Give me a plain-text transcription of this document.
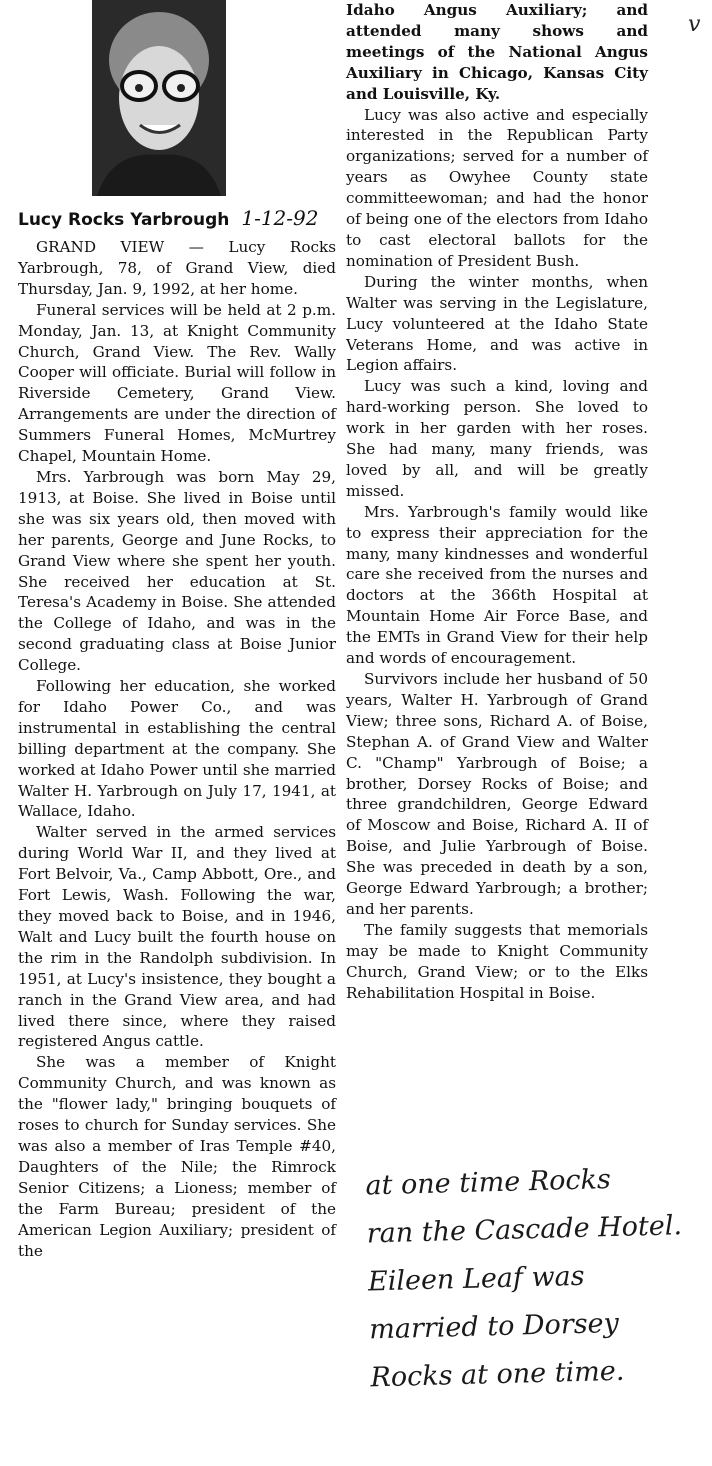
Lucy Rocks Yarbrough 1-12-92

GRAND VIEW — Lucy Rocks Yarbrough, 78, of Grand View, died Thursday, Jan. 9, 1992, at her home.

Funeral services will be held at 2 p.m. Monday, Jan. 13, at Knight Community Church, Grand View. The Rev. Wally Cooper will officiate. Burial will follow in Riverside Cemetery, Grand View. Arrangements are under the direction of Summers Funeral Homes, McMurtrey Chapel, Mountain Home.

Mrs. Yarbrough was born May 29, 1913, at Boise. She lived in Boise until she was six years old, then moved with her parents, George and June Rocks, to Grand View where she spent her youth. She received her education at St. Teresa's Academy in Boise. She attended the College of Idaho, and was in the second graduating class at Boise Junior College.

Following her education, she worked for Idaho Power Co., and was instrumental in establishing the central billing department at the company. She worked at Idaho Power until she married Walter H. Yarbrough on July 17, 1941, at Wallace, Idaho.

Walter served in the armed services during World War II, and they lived at Fort Belvoir, Va., Camp Abbott, Ore., and Fort Lewis, Wash. Following the war, they moved back to Boise, and in 1946, Walt and Lucy built the fourth house on the rim in the Randolph subdivision. In 1951, at Lucy's insistence, they bought a ranch in the Grand View area, and had lived there since, where they raised registered Angus cattle.

She was a member of Knight Community Church, and was known as the "flower lady," bringing bouquets of roses to church for Sunday services. She was also a member of Iras Temple #40, Daughters of the Nile; the Rimrock Senior Citizens; a Lioness; member of the Farm Bureau; president of the American Legion Auxiliary; president of the

Idaho Angus Auxiliary; and attended many shows and meetings of the National Angus Auxiliary in Chicago, Kansas City and Louisville, Ky.

Lucy was also active and especially interested in the Republican Party organizations; served for a number of years as Owyhee County state committeewoman; and had the honor of being one of the electors from Idaho to cast electoral ballots for the nomination of President Bush.

During the winter months, when Walter was serving in the Legislature, Lucy volunteered at the Idaho State Veterans Home, and was active in Legion affairs.

Lucy was such a kind, loving and hard-working person. She loved to work in her garden with her roses. She had many, many friends, was loved by all, and will be greatly missed.

Mrs. Yarbrough's family would like to express their appreciation for the many, many kindnesses and wonderful care she received from the nurses and doctors at the 366th Hospital at Mountain Home Air Force Base, and the EMTs in Grand View for their help and words of encouragement.

Survivors include her husband of 50 years, Walter H. Yarbrough of Grand View; three sons, Richard A. of Boise, Stephan A. of Grand View and Walter C. "Champ" Yarbrough of Boise; a brother, Dorsey Rocks of Boise; and three grandchildren, George Edward of Moscow and Boise, Richard A. II of Boise, and Julie Yarbrough of Boise. She was preceded in death by a son, George Edward Yarbrough; a brother; and her parents.

The family suggests that memorials may be made to Knight Community Church, Grand View; or to the Elks Rehabilitation Hospital in Boise.

v
at one time Rocks
ran the Cascade Hotel.
Eileen Leaf was
married to Dorsey
Rocks at one time.
